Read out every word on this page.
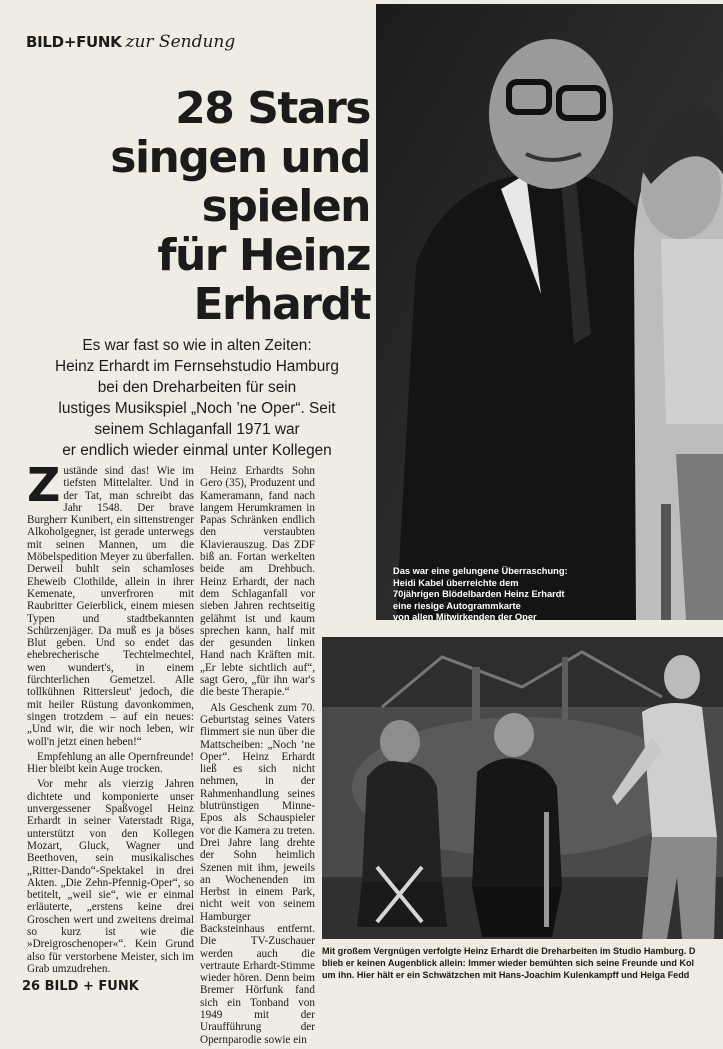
BILD+FUNK zur Sendung
28 Stars
singen und
spielen
für Heinz
Erhardt
Es war fast so wie in alten Zeiten:
Heinz Erhardt im Fernsehstudio Hamburg
bei den Dreharbeiten für sein
lustiges Musikspiel „Noch ’ne Oper“. Seit
seinem Schlaganfall 1971 war
er endlich wieder einmal unter Kollegen

Zustände sind das! Wie im tiefsten Mittelalter. Und in der Tat, man schreibt das Jahr 1548. Der brave Burgherr Kunibert, ein sittenstrenger Alkoholgegner, ist gerade unterwegs mit seinen Mannen, um die Möbelspedition Meyer zu überfallen. Derweil buhlt sein schamloses Eheweib Clothilde, allein in ihrer Kemenate, unverfroren mit Raubritter Geierblick, einem miesen Typen und stadtbekannten Schürzenjäger. Da muß es ja böses Blut geben. Und so endet das ehebrecherische Techtelmechtel, wen wundert's, in einem fürchterlichen Gemetzel. Alle tollkühnen Rittersleut' jedoch, die mit heiler Rüstung davonkommen, singen trotzdem – auf ein neues: „Und wir, die wir noch leben, wir woll'n jetzt einen heben!“

Empfehlung an alle Opernfreunde! Hier bleibt kein Auge trocken.

Vor mehr als vierzig Jahren dichtete und komponierte unser unvergessener Spaßvogel Heinz Erhardt in seiner Vaterstadt Riga, unterstützt von den Kollegen Mozart, Gluck, Wagner und Beethoven, sein musikalisches „Ritter-Dando“-Spektakel in drei Akten. „Die Zehn-Pfennig-Oper“, so betitelt, „weil sie“, wie er einmal erläuterte, „erstens keine drei Groschen wert und zweitens dreimal so kurz ist wie die »Dreigroschenoper«“. Kein Grund also für verstorbene Meister, sich im Grab umzudrehen.

Heinz Erhardts Sohn Gero (35), Produzent und Kameramann, fand nach langem Herumkramen in Papas Schränken endlich den verstaubten Klavierauszug. Das ZDF biß an. Fortan werkelten beide am Drehbuch. Heinz Erhardt, der nach dem Schlaganfall vor sieben Jahren rechtseitig gelähmt ist und kaum sprechen kann, half mit der gesunden linken Hand nach Kräften mit. „Er lebte sichtlich auf“, sagt Gero, „für ihn war's die beste Therapie.“

Als Geschenk zum 70. Geburtstag seines Vaters flimmert sie nun über die Mattscheiben: „Noch ’ne Oper“. Heinz Erhardt ließ es sich nicht nehmen, in der Rahmenhandlung seines blutrünstigen Minne-Epos als Schauspieler vor die Kamera zu treten. Drei Jahre lang drehte der Sohn heimlich Szenen mit ihm, jeweils an Wochenenden im Herbst in einem Park, nicht weit von seinem Hamburger Backsteinhaus entfernt. Die TV-Zuschauer werden auch die vertraute Erhardt-Stimme wieder hören. Denn beim Bremer Hörfunk fand sich ein Tonband von 1949 mit der Uraufführung der Opernparodie sowie ein

Das war eine gelungene Überraschung:
Heidi Kabel überreichte dem
70jährigen Blödelbarden Heinz Erhardt
eine riesige Autogrammkarte
von allen Mitwirkenden der Oper
Mit großem Vergnügen verfolgte Heinz Erhardt die Dreharbeiten im Studio Hamburg. D
blieb er keinen Augenblick allein: Immer wieder bemühten sich seine Freunde und Kol
um ihn. Hier hält er ein Schwätzchen mit Hans-Joachim Kulenkampff und Helga Fedd
26 BILD + FUNK
